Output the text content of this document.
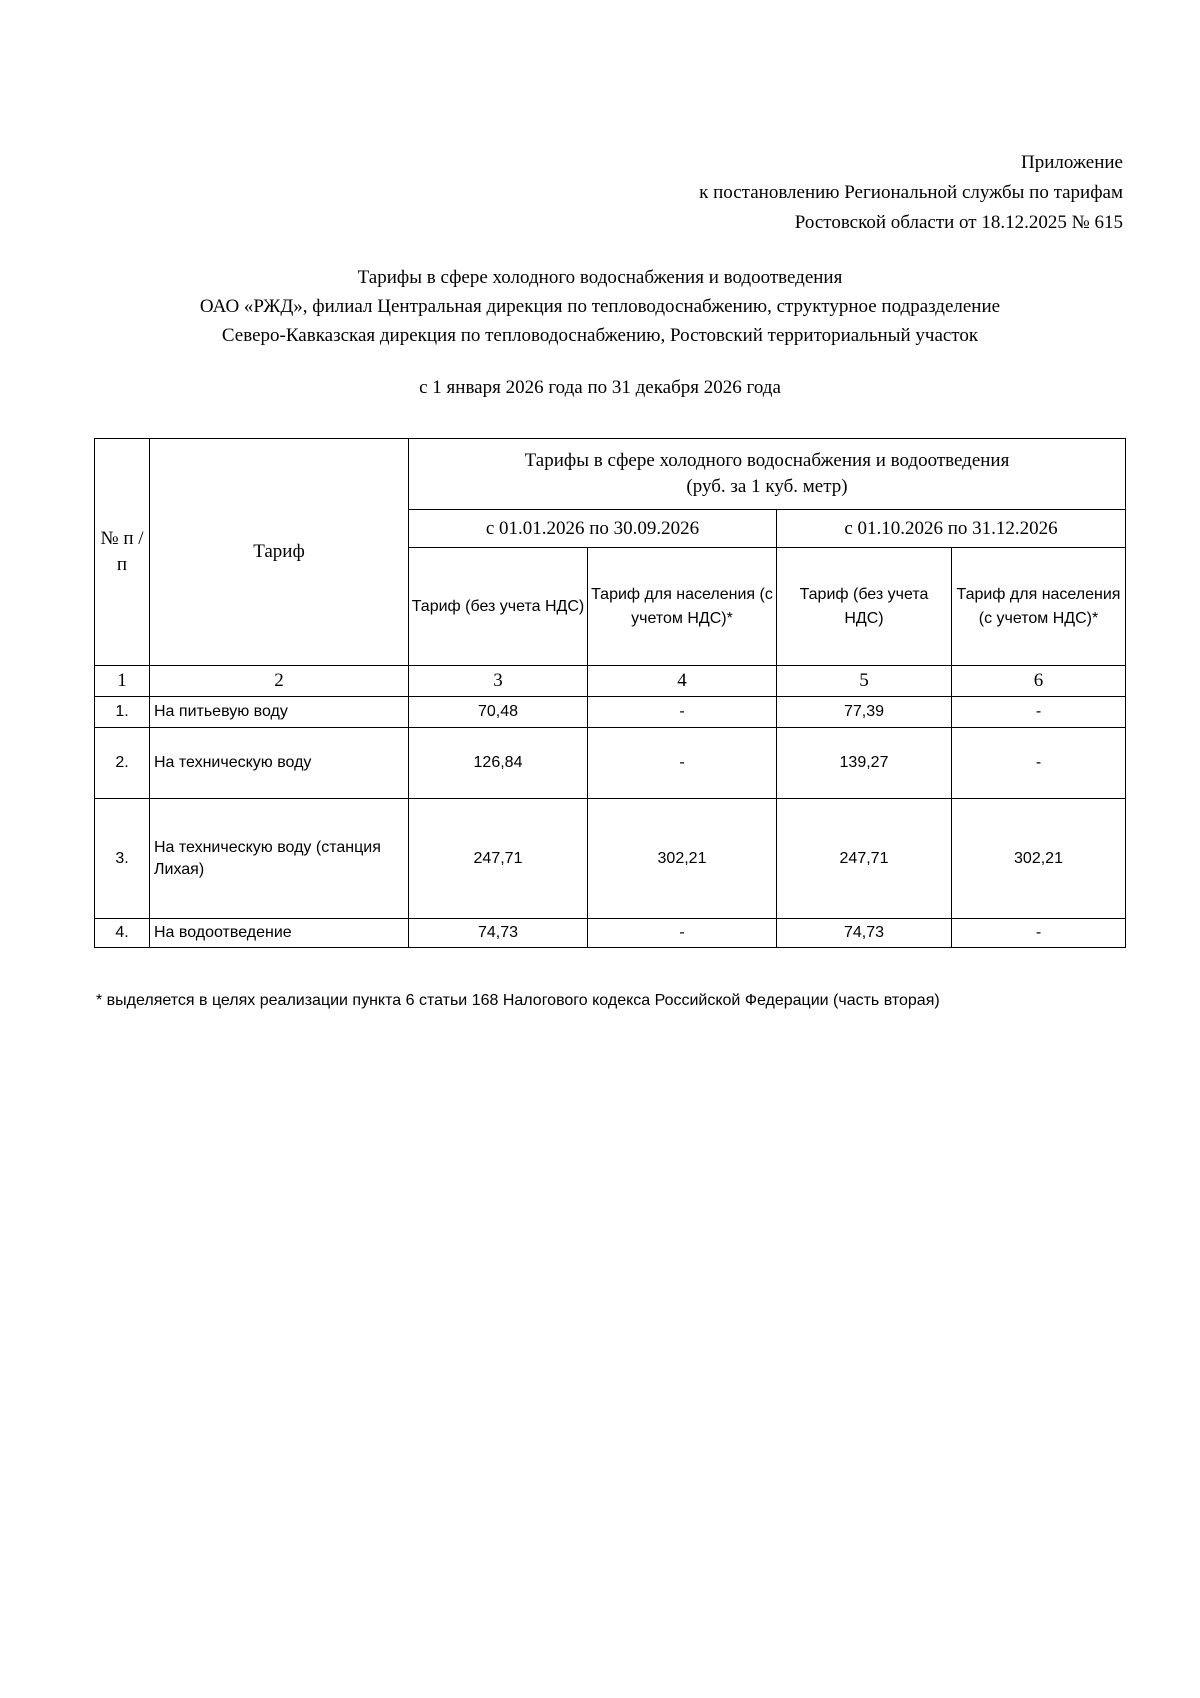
Приложение
к постановлению Региональной службы по тарифам
Ростовской области от 18.12.2025 № 615
Тарифы в сфере холодного водоснабжения и водоотведения
ОАО «РЖД», филиал Центральная дирекция по тепловодоснабжению, структурное подразделение
Северо-Кавказская дирекция по тепловодоснабжению, Ростовский территориальный участок
с 1 января 2026 года по 31 декабря 2026 года
№ п /п	Тариф	Тарифы в сфере холодного водоснабжения и водоотведения
(руб. за 1 куб. метр)			

		с 01.01.2026 по 30.09.2026		с 01.10.2026 по 31.12.2026	
		Тариф (без учета НДС)	Тариф для населения (с учетом НДС)*	Тариф (без учета НДС)	Тариф для населения (с учетом НДС)*
1	2	3	4	5	6
1.	На питьевую воду	70,48	-	77,39	-
2.	На техническую воду	126,84	-	139,27	-
3.	На техническую воду (станция Лихая)	247,71	302,21	247,71	302,21
4.	На водоотведение	74,73	-	74,73	-
* выделяется в целях реализации пункта 6 статьи 168 Налогового кодекса Российской Федерации (часть вторая)
